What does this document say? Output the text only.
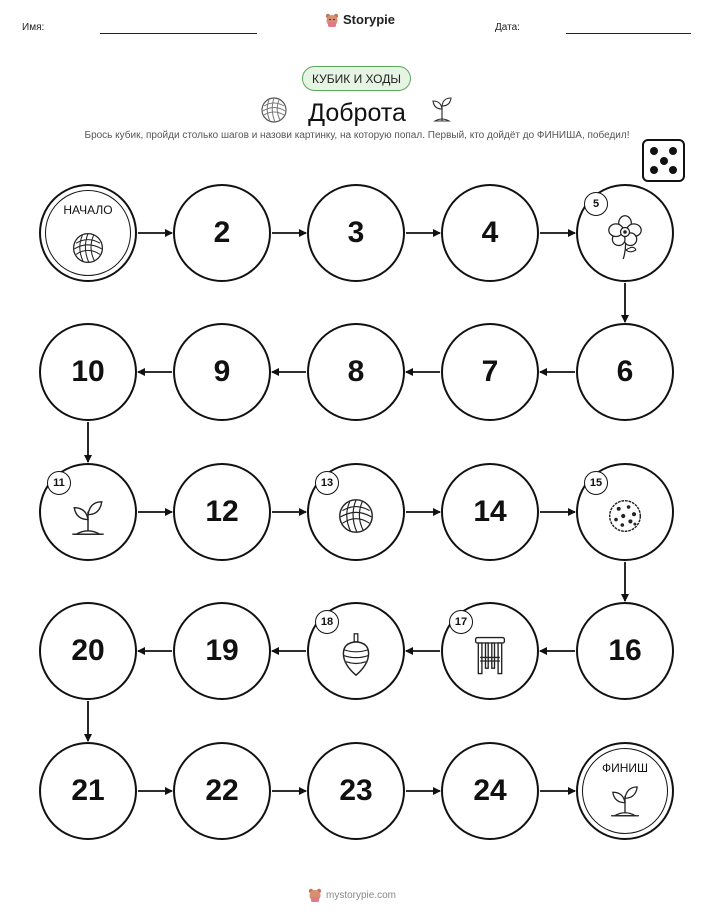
Имя:
Storypie
Дата:
КУБИК И ХОДЫ
Доброта
Брось кубик, пройди столько шагов и назови картинку, на которую попал. Первый, кто дойдёт до ФИНИША, победил!
НАЧАЛО
2	3	4
5
6
7
8
9
10
11
12
13
14
15
16
17
18
19
20
21	22	23	24
ФИНИШ
mystorypie.com
